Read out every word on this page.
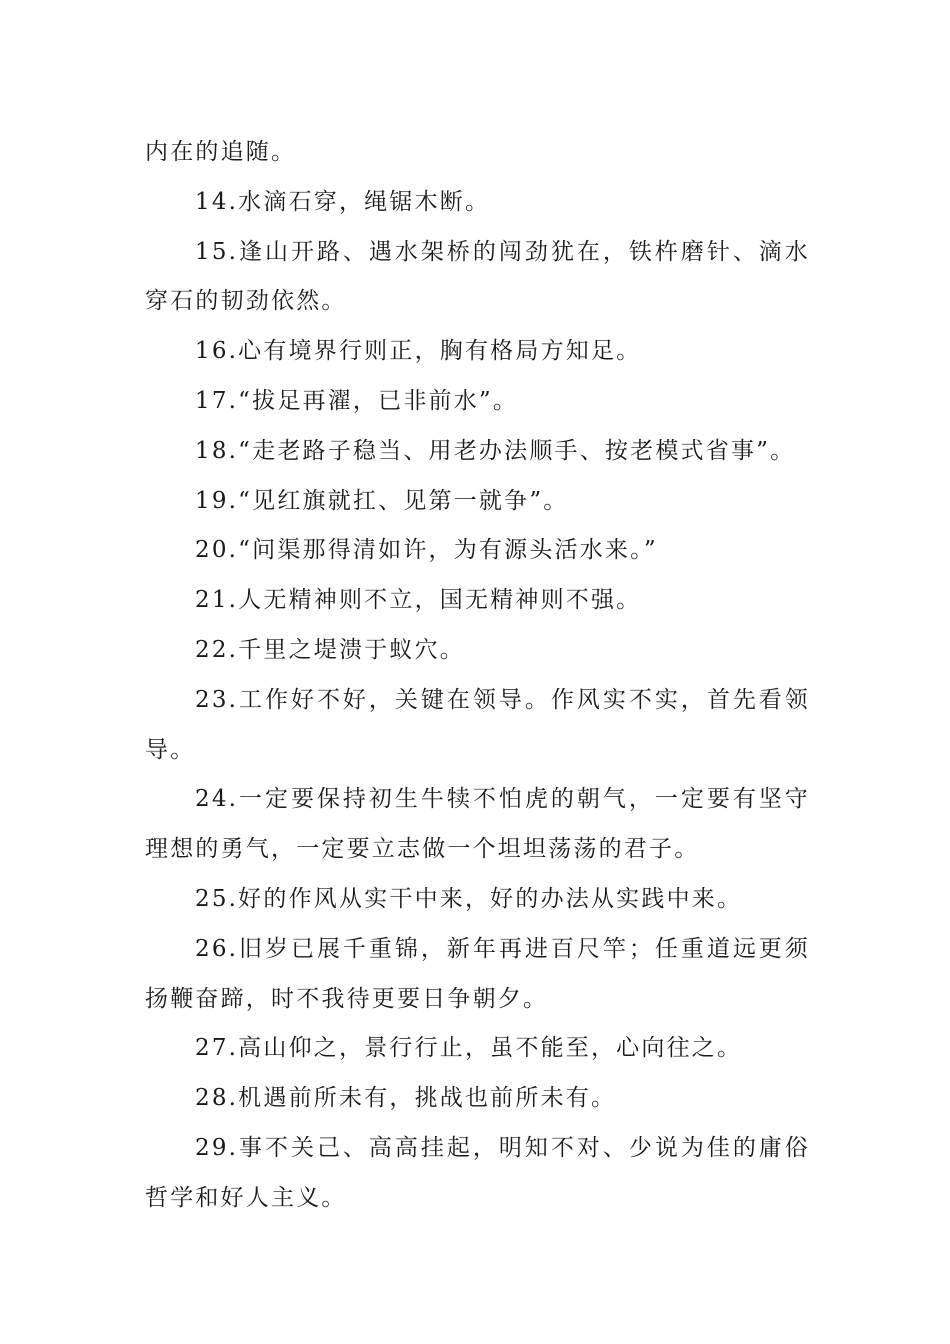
内在的追随。

14.水滴石穿，绳锯木断。

15.逢山开路、遇水架桥的闯劲犹在，铁杵磨针、滴水穿石的韧劲依然。

16.心有境界行则正，胸有格局方知足。

17.“拔足再濯，已非前水”。

18.“走老路子稳当、用老办法顺手、按老模式省事”。

19.“见红旗就扛、见第一就争”。

20.“问渠那得清如许，为有源头活水来。”

21.人无精神则不立，国无精神则不强。

22.千里之堤溃于蚁穴。

23.工作好不好，关键在领导。作风实不实，首先看领导。

24.一定要保持初生牛犊不怕虎的朝气，一定要有坚守理想的勇气，一定要立志做一个坦坦荡荡的君子。

25.好的作风从实干中来，好的办法从实践中来。

26.旧岁已展千重锦，新年再进百尺竿；任重道远更须扬鞭奋蹄，时不我待更要日争朝夕。

27.高山仰之，景行行止，虽不能至，心向往之。

28.机遇前所未有，挑战也前所未有。

29.事不关己、高高挂起，明知不对、少说为佳的庸俗哲学和好人主义。
